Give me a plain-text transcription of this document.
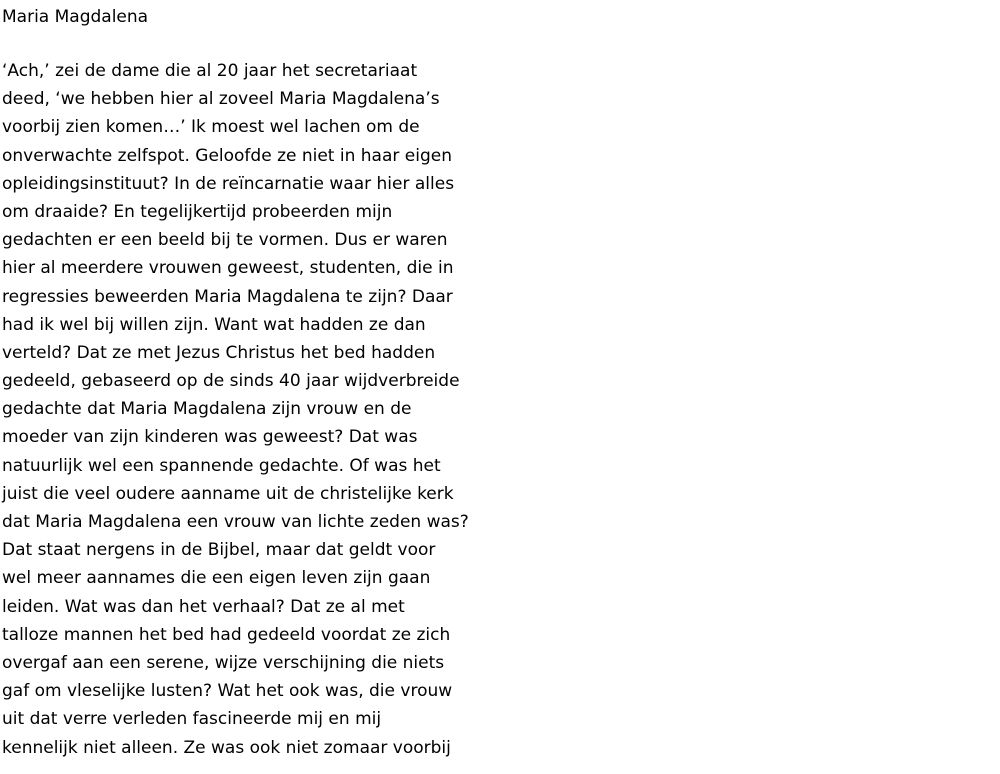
Maria Magdalena
‘Ach,’ zei de dame die al 20 jaar het secretariaat
deed, ‘we hebben hier al zoveel Maria Magdalena’s
voorbij zien komen…’ Ik moest wel lachen om de
onverwachte zelfspot. Geloofde ze niet in haar eigen
opleidingsinstituut? In de reïncarnatie waar hier alles
om draaide? En tegelijkertijd probeerden mijn
gedachten er een beeld bij te vormen. Dus er waren
hier al meerdere vrouwen geweest, studenten, die in
regressies beweerden Maria Magdalena te zijn? Daar
had ik wel bij willen zijn. Want wat hadden ze dan
verteld? Dat ze met Jezus Christus het bed hadden
gedeeld, gebaseerd op de sinds 40 jaar wijdverbreide
gedachte dat Maria Magdalena zijn vrouw en de
moeder van zijn kinderen was geweest? Dat was
natuurlijk wel een spannende gedachte. Of was het
juist die veel oudere aanname uit de christelijke kerk
dat Maria Magdalena een vrouw van lichte zeden was?
Dat staat nergens in de Bijbel, maar dat geldt voor
wel meer aannames die een eigen leven zijn gaan
leiden. Wat was dan het verhaal? Dat ze al met
talloze mannen het bed had gedeeld voordat ze zich
overgaf aan een serene, wijze verschijning die niets
gaf om vleselijke lusten? Wat het ook was, die vrouw
uit dat verre verleden fascineerde mij en mij
kennelijk niet alleen. Ze was ook niet zomaar voorbij
